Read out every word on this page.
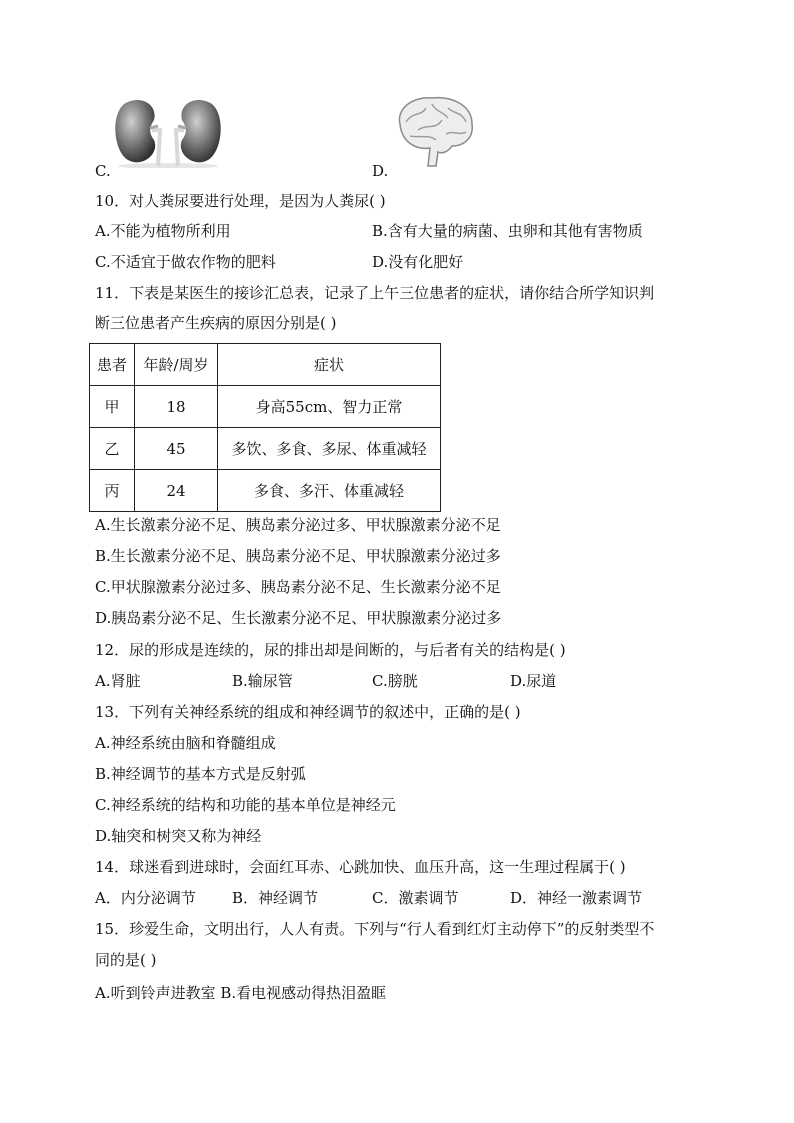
C.	D.
10．对人粪尿要进行处理，是因为人粪尿( )
A.不能为植物所利用	B.含有大量的病菌、虫卵和其他有害物质
C.不适宜于做农作物的肥料	D.没有化肥好
11．下表是某医生的接诊汇总表，记录了上午三位患者的症状，请你结合所学知识判
断三位患者产生疾病的原因分别是( )
患者	年龄/周岁	症状
甲	18	身高55cm、智力正常
乙	45	多饮、多食、多尿、体重减轻
丙	24	多食、多汗、体重减轻
A.生长激素分泌不足、胰岛素分泌过多、甲状腺激素分泌不足
B.生长激素分泌不足、胰岛素分泌不足、甲状腺激素分泌过多
C.甲状腺激素分泌过多、胰岛素分泌不足、生长激素分泌不足
D.胰岛素分泌不足、生长激素分泌不足、甲状腺激素分泌过多
12．尿的形成是连续的，尿的排出却是间断的，与后者有关的结构是( )
A.肾脏	B.输尿管	C.膀胱	D.尿道
13．下列有关神经系统的组成和神经调节的叙述中，正确的是( )
A.神经系统由脑和脊髓组成
B.神经调节的基本方式是反射弧
C.神经系统的结构和功能的基本单位是神经元
D.轴突和树突又称为神经
14．球迷看到进球时，会面红耳赤、心跳加快、血压升高，这一生理过程属于( )
A．内分泌调节 B．神经调节	C．激素调节	D．神经一激素调节
15．珍爱生命，文明出行，人人有责。下列与“行人看到红灯主动停下”的反射类型不
同的是( )
A.听到铃声进教室 B.看电视感动得热泪盈眶
